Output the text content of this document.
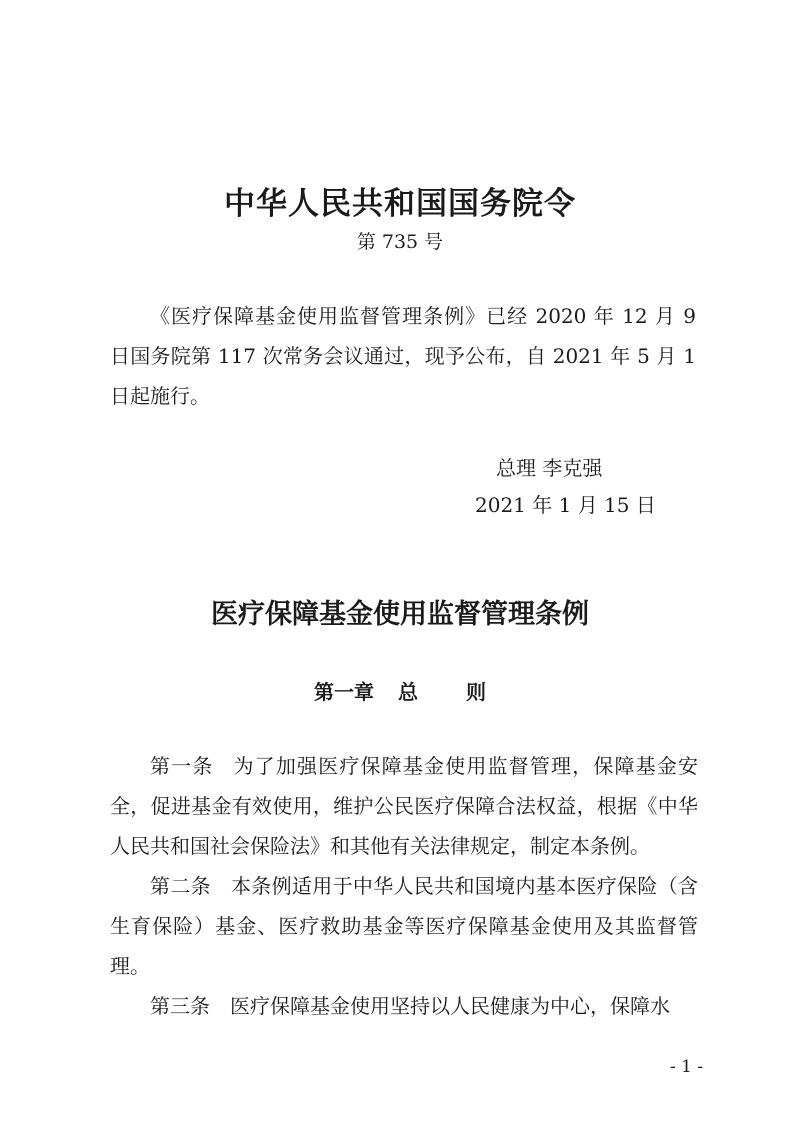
中华人民共和国国务院令
第 735 号

《医疗保障基金使用监督管理条例》已经 2020 年 12 月 9 日国务院第 117 次常务会议通过，现予公布，自 2021 年 5 月 1 日起施行。

总理 李克强
2021 年 1 月 15 日
医疗保障基金使用监督管理条例
第一章 总 则

第一条 为了加强医疗保障基金使用监督管理，保障基金安全，促进基金有效使用，维护公民医疗保障合法权益，根据《中华人民共和国社会保险法》和其他有关法律规定，制定本条例。

第二条 本条例适用于中华人民共和国境内基本医疗保险（含生育保险）基金、医疗救助基金等医疗保障基金使用及其监督管理。

第三条 医疗保障基金使用坚持以人民健康为中心，保障水

- 1 -
